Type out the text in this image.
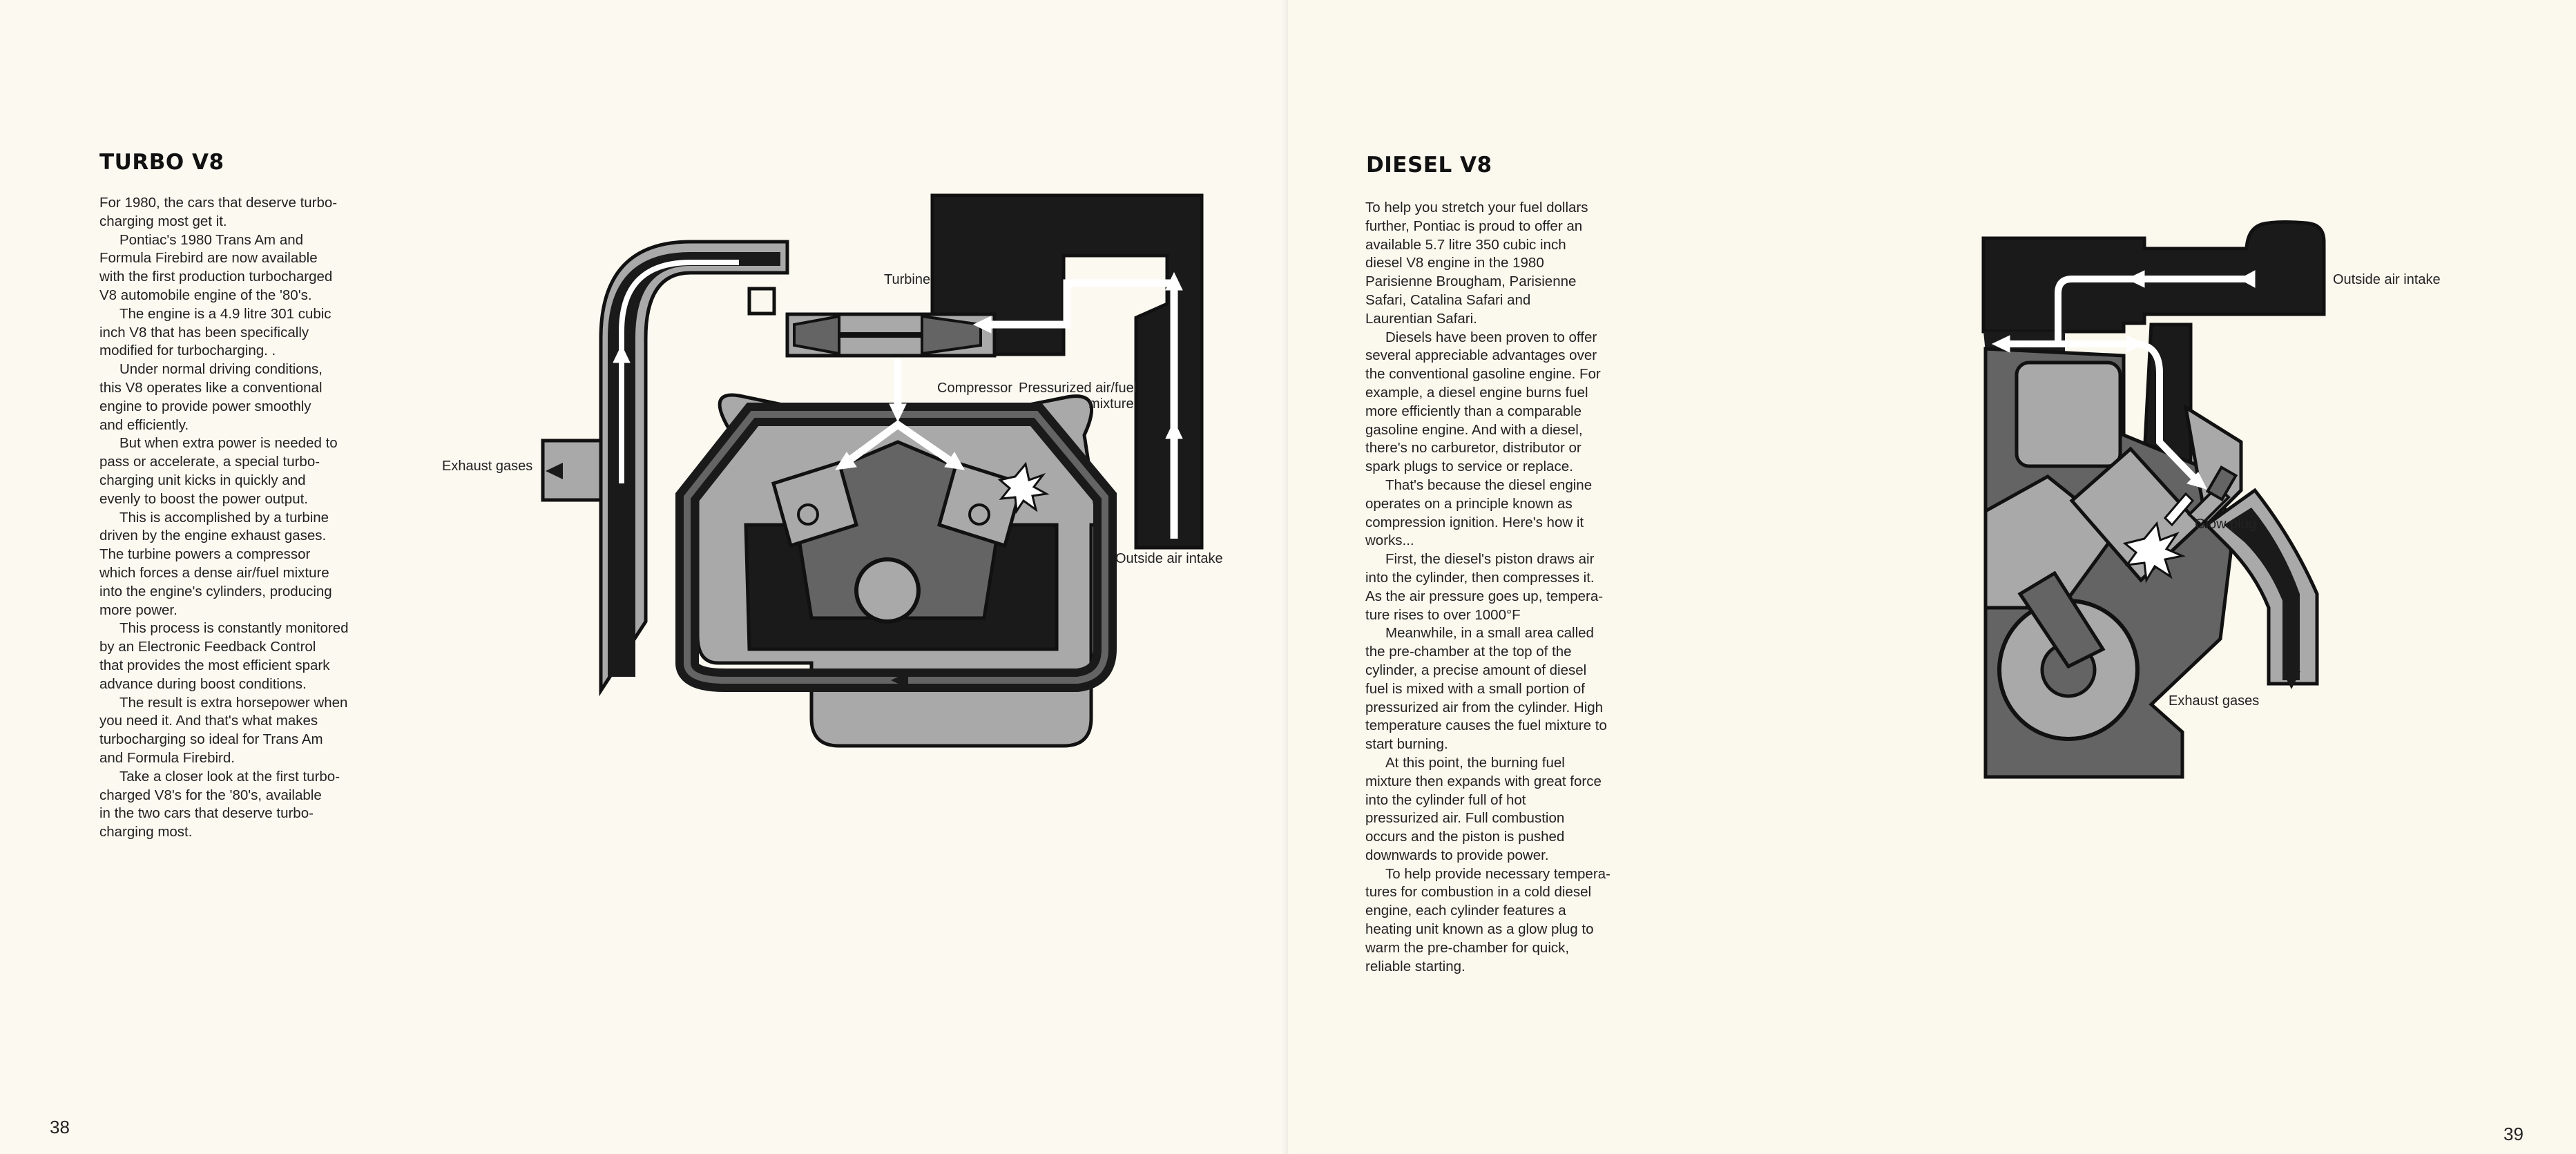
TURBO V8
For 1980, the cars that deserve turbo-
charging most get it.
Pontiac's 1980 Trans Am and
Formula Firebird are now available
with the first production turbocharged
V8 automobile engine of the '80's.
The engine is a 4.9 litre 301 cubic
inch V8 that has been specifically
modified for turbocharging. .
Under normal driving conditions,
this V8 operates like a conventional
engine to provide power smoothly
and efficiently.
But when extra power is needed to
pass or accelerate, a special turbo-
charging unit kicks in quickly and
evenly to boost the power output.
This is accomplished by a turbine
driven by the engine exhaust gases.
The turbine powers a compressor
which forces a dense air/fuel mixture
into the engine's cylinders, producing
more power.
This process is constantly monitored
by an Electronic Feedback Control
that provides the most efficient spark
advance during boost conditions.
The result is extra horsepower when
you need it. And that's what makes
turbocharging so ideal for Trans Am
and Formula Firebird.
Take a closer look at the first turbo-
charged V8's for the '80's, available
in the two cars that deserve turbo-
charging most.

Turbine

Compressor Pressurized air/fuel

mixture

Exhaust gases

Outside air intake

38

DIESEL V8
To help you stretch your fuel dollars
further, Pontiac is proud to offer an
available 5.7 litre 350 cubic inch
diesel V8 engine in the 1980
Parisienne Brougham, Parisienne
Safari, Catalina Safari and
Laurentian Safari.
Diesels have been proven to offer
several appreciable advantages over
the conventional gasoline engine. For
example, a diesel engine burns fuel
more efficiently than a comparable
gasoline engine. And with a diesel,
there's no carburetor, distributor or
spark plugs to service or replace.
That's because the diesel engine
operates on a principle known as
compression ignition. Here's how it
works...
First, the diesel's piston draws air
into the cylinder, then compresses it.
As the air pressure goes up, tempera-
ture rises to over 1000°F
Meanwhile, in a small area called
the pre-chamber at the top of the
cylinder, a precise amount of diesel
fuel is mixed with a small portion of
pressurized air from the cylinder. High
temperature causes the fuel mixture to
start burning.
At this point, the burning fuel
mixture then expands with great force
into the cylinder full of hot
pressurized air. Full combustion
occurs and the piston is pushed
downwards to provide power.
To help provide necessary tempera-
tures for combustion in a cold diesel
engine, each cylinder features a
heating unit known as a glow plug to
warm the pre-chamber for quick,
reliable starting.

Outside air intake

Glow plug

Exhaust gases

39
